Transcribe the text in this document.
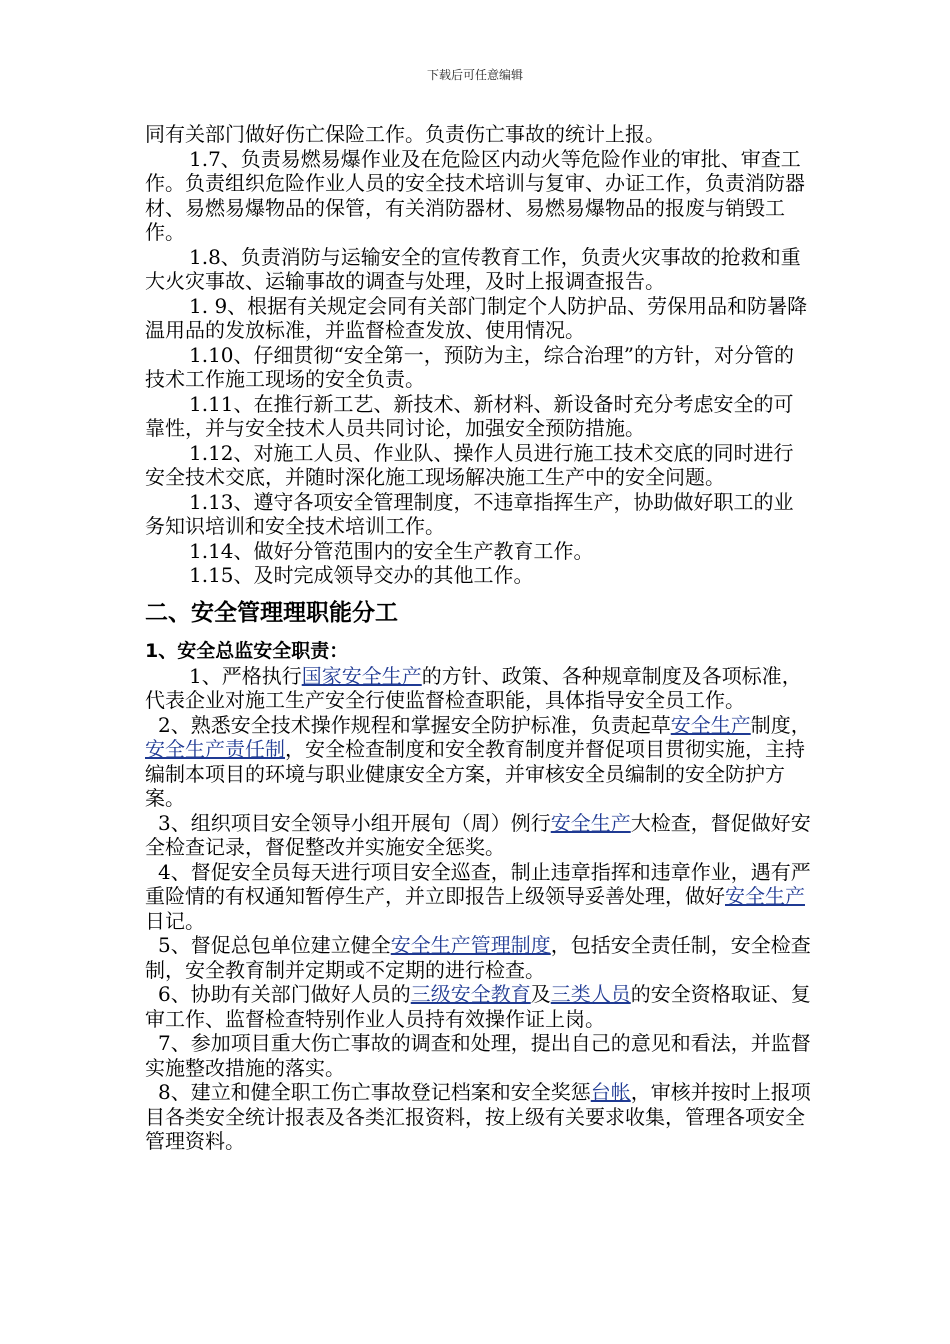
下载后可任意编辑
同有关部门做好伤亡保险工作。负责伤亡事故的统计上报。
1.7、负责易燃易爆作业及在危险区内动火等危险作业的审批、审查工作。负责组织危险作业人员的安全技术培训与复审、办证工作，负责消防器材、易燃易爆物品的保管，有关消防器材、易燃易爆物品的报废与销毁工作。
1.8、负责消防与运输安全的宣传教育工作，负责火灾事故的抢救和重大火灾事故、运输事故的调查与处理，及时上报调查报告。
1. 9、根据有关规定会同有关部门制定个人防护品、劳保用品和防暑降温用品的发放标准，并监督检查发放、使用情况。
1.10、仔细贯彻“安全第一，预防为主，综合治理”的方针，对分管的技术工作施工现场的安全负责。
1.11、在推行新工艺、新技术、新材料、新设备时充分考虑安全的可靠性，并与安全技术人员共同讨论，加强安全预防措施。
1.12、对施工人员、作业队、操作人员进行施工技术交底的同时进行安全技术交底，并随时深化施工现场解决施工生产中的安全问题。
1.13、遵守各项安全管理制度，不违章指挥生产，协助做好职工的业务知识培训和安全技术培训工作。
1.14、做好分管范围内的安全生产教育工作。
1.15、及时完成领导交办的其他工作。
二、安全管理理职能分工
1、安全总监安全职责：
1、严格执行国家安全生产的方针、政策、各种规章制度及各项标准，代表企业对施工生产安全行使监督检查职能，具体指导安全员工作。
2、熟悉安全技术操作规程和掌握安全防护标准，负责起草安全生产制度，安全生产责任制，安全检查制度和安全教育制度并督促项目贯彻实施，主持编制本项目的环境与职业健康安全方案，并审核安全员编制的安全防护方案。
3、组织项目安全领导小组开展旬（周）例行安全生产大检查，督促做好安全检查记录，督促整改并实施安全惩奖。
4、督促安全员每天进行项目安全巡查，制止违章指挥和违章作业，遇有严重险情的有权通知暂停生产，并立即报告上级领导妥善处理，做好安全生产日记。
5、督促总包单位建立健全安全生产管理制度，包括安全责任制，安全检查制，安全教育制并定期或不定期的进行检查。
6、协助有关部门做好人员的三级安全教育及三类人员的安全资格取证、复审工作、监督检查特别作业人员持有效操作证上岗。
7、参加项目重大伤亡事故的调查和处理，提出自己的意见和看法，并监督实施整改措施的落实。
8、建立和健全职工伤亡事故登记档案和安全奖惩台帐，审核并按时上报项目各类安全统计报表及各类汇报资料，按上级有关要求收集，管理各项安全管理资料。
